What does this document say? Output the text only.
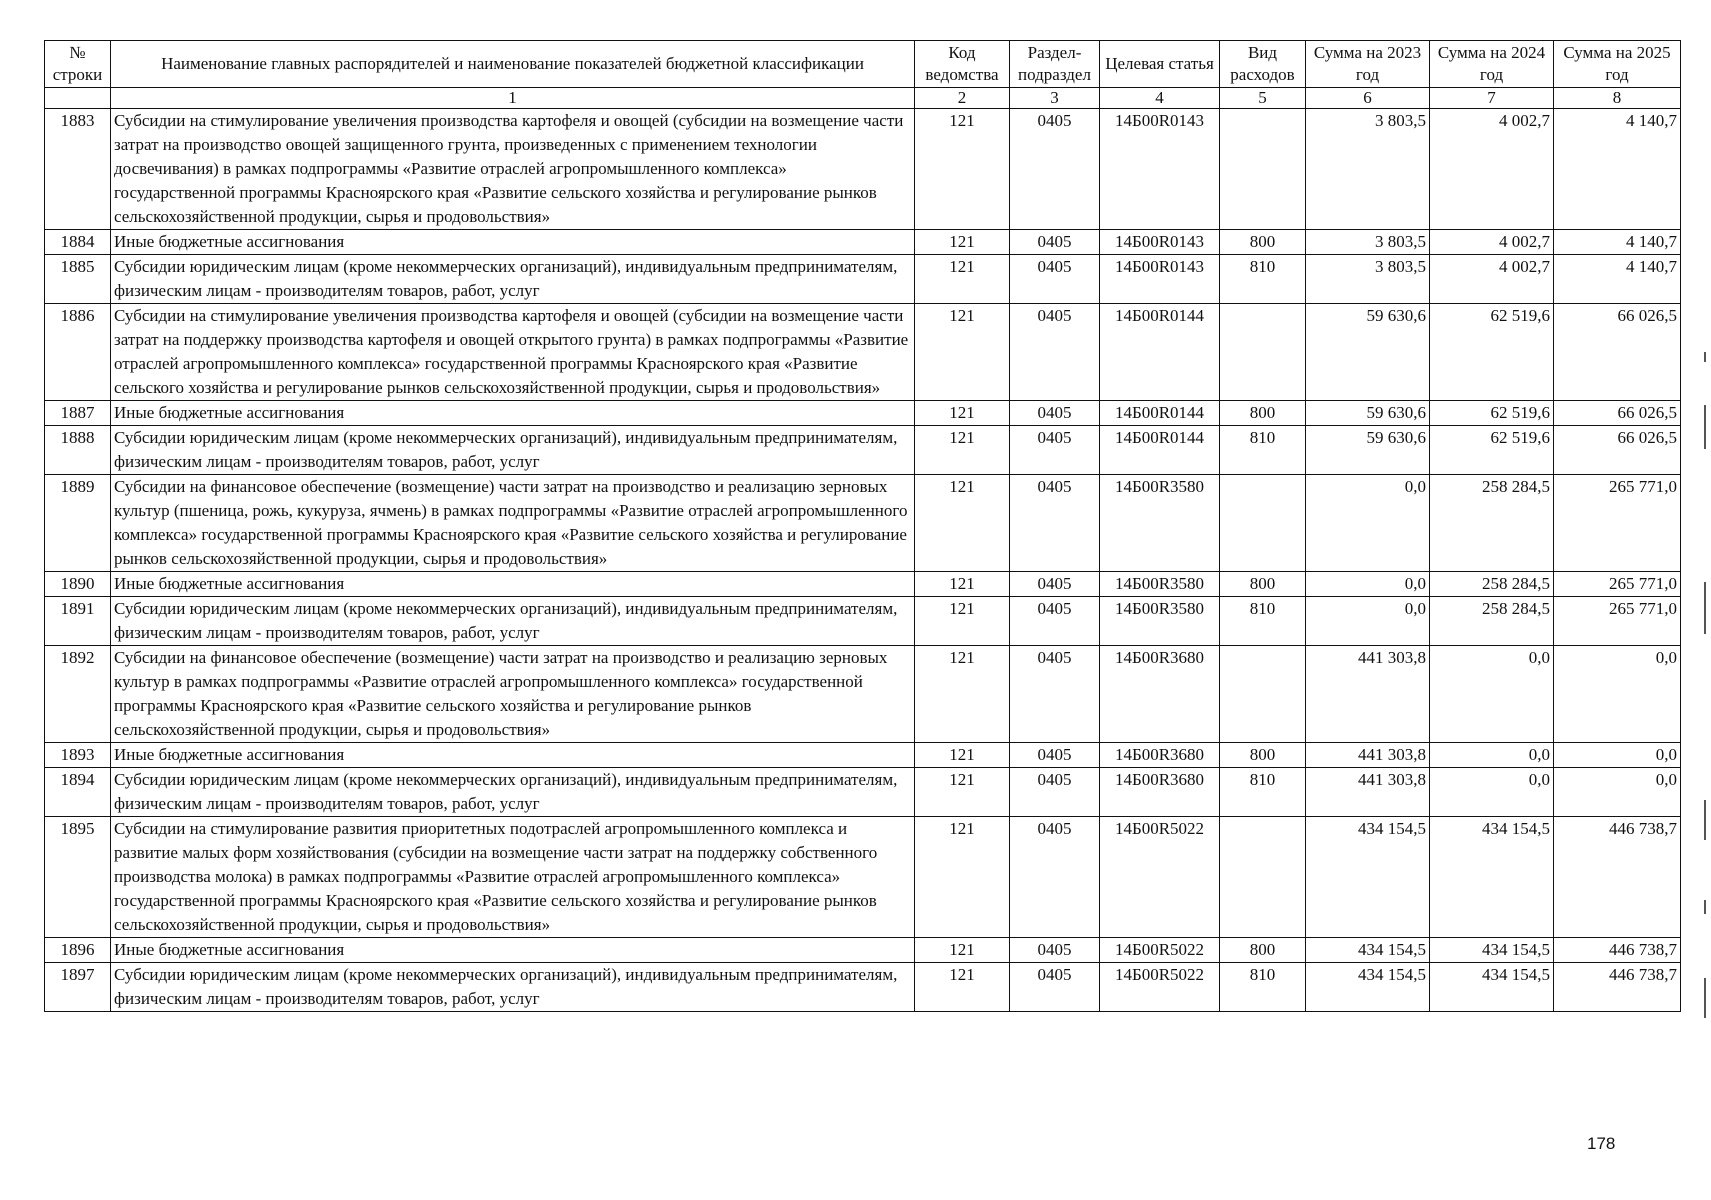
№ строки	Наименование главных распорядителей и наименование показателей бюджетной классификации	Код ведомства	Раздел-подраздел	Целевая статья	Вид расходов	Сумма на 2023 год	Сумма на 2024 год	Сумма на 2025 год
	1	2	3	4	5	6	7	8
1883	Субсидии на стимулирование увеличения производства картофеля и овощей (субсидии на возмещение части затрат на производство овощей защищенного грунта, произведенных с применением технологии досвечивания) в рамках подпрограммы «Развитие отраслей агропромышленного комплекса» государственной программы Красноярского края «Развитие сельского хозяйства и регулирование рынков сельскохозяйственной продукции, сырья и продовольствия»	121	0405	14Б00R0143		3 803,5	4 002,7	4 140,7
1884	Иные бюджетные ассигнования	121	0405	14Б00R0143	800	3 803,5	4 002,7	4 140,7
1885	Субсидии юридическим лицам (кроме некоммерческих организаций), индивидуальным предпринимателям, физическим лицам - производителям товаров, работ, услуг	121	0405	14Б00R0143	810	3 803,5	4 002,7	4 140,7
1886	Субсидии на стимулирование увеличения производства картофеля и овощей (субсидии на возмещение части затрат на поддержку производства картофеля и овощей открытого грунта) в рамках подпрограммы «Развитие отраслей агропромышленного комплекса» государственной программы Красноярского края «Развитие сельского хозяйства и регулирование рынков сельскохозяйственной продукции, сырья и продовольствия»	121	0405	14Б00R0144		59 630,6	62 519,6	66 026,5
1887	Иные бюджетные ассигнования	121	0405	14Б00R0144	800	59 630,6	62 519,6	66 026,5
1888	Субсидии юридическим лицам (кроме некоммерческих организаций), индивидуальным предпринимателям, физическим лицам - производителям товаров, работ, услуг	121	0405	14Б00R0144	810	59 630,6	62 519,6	66 026,5
1889	Субсидии на финансовое обеспечение (возмещение) части затрат на производство и реализацию зерновых культур (пшеница, рожь, кукуруза, ячмень) в рамках подпрограммы «Развитие отраслей агропромышленного комплекса» государственной программы Красноярского края «Развитие сельского хозяйства и регулирование рынков сельскохозяйственной продукции, сырья и продовольствия»	121	0405	14Б00R3580		0,0	258 284,5	265 771,0
1890	Иные бюджетные ассигнования	121	0405	14Б00R3580	800	0,0	258 284,5	265 771,0
1891	Субсидии юридическим лицам (кроме некоммерческих организаций), индивидуальным предпринимателям, физическим лицам - производителям товаров, работ, услуг	121	0405	14Б00R3580	810	0,0	258 284,5	265 771,0
1892	Субсидии на финансовое обеспечение (возмещение) части затрат на производство и реализацию зерновых культур в рамках подпрограммы «Развитие отраслей агропромышленного комплекса» государственной программы Красноярского края «Развитие сельского хозяйства и регулирование рынков сельскохозяйственной продукции, сырья и продовольствия»	121	0405	14Б00R3680		441 303,8	0,0	0,0
1893	Иные бюджетные ассигнования	121	0405	14Б00R3680	800	441 303,8	0,0	0,0
1894	Субсидии юридическим лицам (кроме некоммерческих организаций), индивидуальным предпринимателям, физическим лицам - производителям товаров, работ, услуг	121	0405	14Б00R3680	810	441 303,8	0,0	0,0
1895	Субсидии на стимулирование развития приоритетных подотраслей агропромышленного комплекса и развитие малых форм хозяйствования (субсидии на возмещение части затрат на поддержку собственного производства молока) в рамках подпрограммы «Развитие отраслей агропромышленного комплекса» государственной программы Красноярского края «Развитие сельского хозяйства и регулирование рынков сельскохозяйственной продукции, сырья и продовольствия»	121	0405	14Б00R5022		434 154,5	434 154,5	446 738,7
1896	Иные бюджетные ассигнования	121	0405	14Б00R5022	800	434 154,5	434 154,5	446 738,7
1897	Субсидии юридическим лицам (кроме некоммерческих организаций), индивидуальным предпринимателям, физическим лицам - производителям товаров, работ, услуг	121	0405	14Б00R5022	810	434 154,5	434 154,5	446 738,7
178
